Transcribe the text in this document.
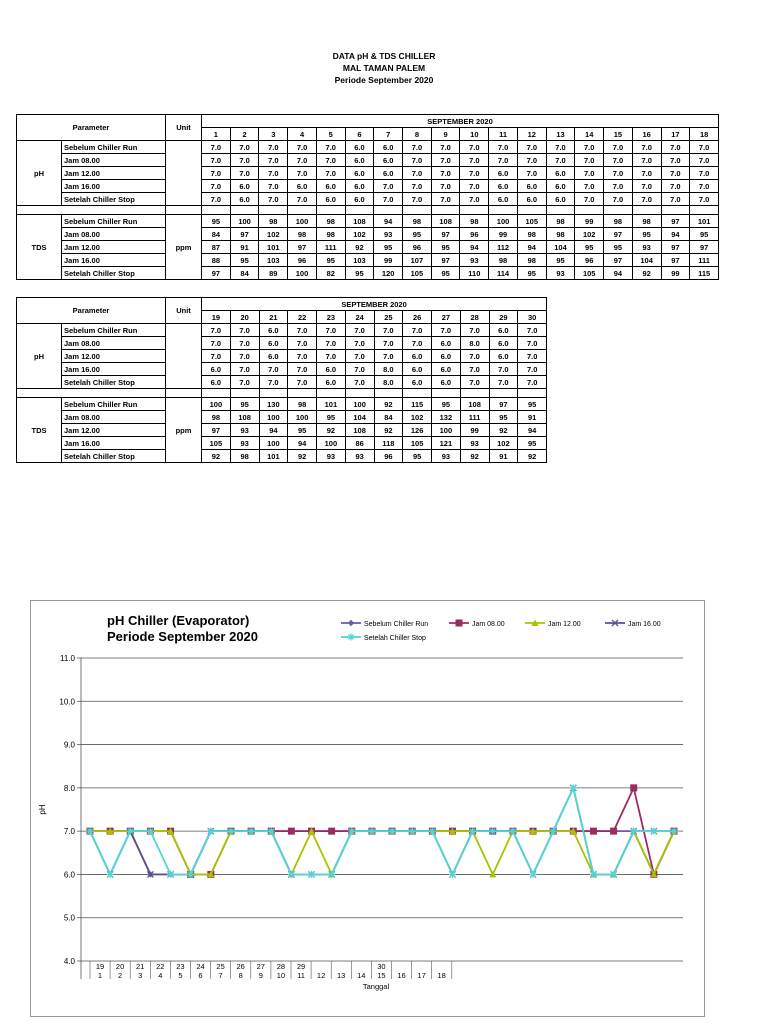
DATA pH & TDS CHILLER
MAL TAMAN PALEM
Periode September 2020
Parameter		Unit	SEPTEMBER 2020																	
			1	2	3	4	5	6	7	8	9	10	11	12	13	14	15	16	17	18
pH	Sebelum Chiller Run		7.0	7.0	7.0	7.0	7.0	6.0	6.0	7.0	7.0	7.0	7.0	7.0	7.0	7.0	7.0	7.0	7.0	7.0
	Jam 08.00		7.0	7.0	7.0	7.0	7.0	6.0	6.0	7.0	7.0	7.0	7.0	7.0	7.0	7.0	7.0	7.0	7.0	7.0
	Jam 12.00		7.0	7.0	7.0	7.0	7.0	6.0	6.0	7.0	7.0	7.0	6.0	7.0	6.0	7.0	7.0	7.0	7.0	7.0
	Jam 16.00		7.0	6.0	7.0	6.0	6.0	6.0	7.0	7.0	7.0	7.0	6.0	6.0	6.0	7.0	7.0	7.0	7.0	7.0
	Setelah Chiller Stop		7.0	6.0	7.0	7.0	6.0	6.0	7.0	7.0	7.0	7.0	6.0	6.0	6.0	7.0	7.0	7.0	7.0	7.0

TDS	Sebelum Chiller Run	ppm	95	100	98	100	98	108	94	98	108	98	100	105	98	99	98	98	97	101
	Jam 08.00		84	97	102	98	98	102	93	95	97	96	99	98	98	102	97	95	94	95
	Jam 12.00		87	91	101	97	111	92	95	96	95	94	112	94	104	95	95	93	97	97
	Jam 16.00		88	95	103	96	95	103	99	107	97	93	98	98	95	96	97	104	97	111
	Setelah Chiller Stop		97	84	89	100	82	95	120	105	95	110	114	95	93	105	94	92	99	115
Parameter		Unit	SEPTEMBER 2020											
			19	20	21	22	23	24	25	26	27	28	29	30
pH	Sebelum Chiller Run		7.0	7.0	6.0	7.0	7.0	7.0	7.0	7.0	7.0	7.0	6.0	7.0
	Jam 08.00		7.0	7.0	6.0	7.0	7.0	7.0	7.0	7.0	6.0	8.0	6.0	7.0
	Jam 12.00		7.0	7.0	6.0	7.0	7.0	7.0	7.0	6.0	6.0	7.0	6.0	7.0
	Jam 16.00		6.0	7.0	7.0	7.0	6.0	7.0	8.0	6.0	6.0	7.0	7.0	7.0
	Setelah Chiller Stop		6.0	7.0	7.0	7.0	6.0	7.0	8.0	6.0	6.0	7.0	7.0	7.0

TDS	Sebelum Chiller Run	ppm	100	95	130	98	101	100	92	115	95	108	97	95
	Jam 08.00		98	108	100	100	95	104	84	102	132	111	95	91
	Jam 12.00		97	93	94	95	92	108	92	126	100	99	92	94
	Jam 16.00		105	93	100	94	100	86	118	105	121	93	102	95
	Setelah Chiller Stop		92	98	101	92	93	93	96	95	93	92	91	92
pH Chiller (Evaporator)
Periode September 2020
4.0
5.0
6.0
7.0
8.0
9.0
10.0
11.0
pH
19 20 21 22 23 24 25 26 27 28 29	30
1 2 3 4 5 6 7 8 9 10 11 12 13 14 15 16 17 18
Tanggal
Sebelum Chiller Run	Jam 08.00	Jam 12.00	Jam 16.00
Setelah Chiller Stop
